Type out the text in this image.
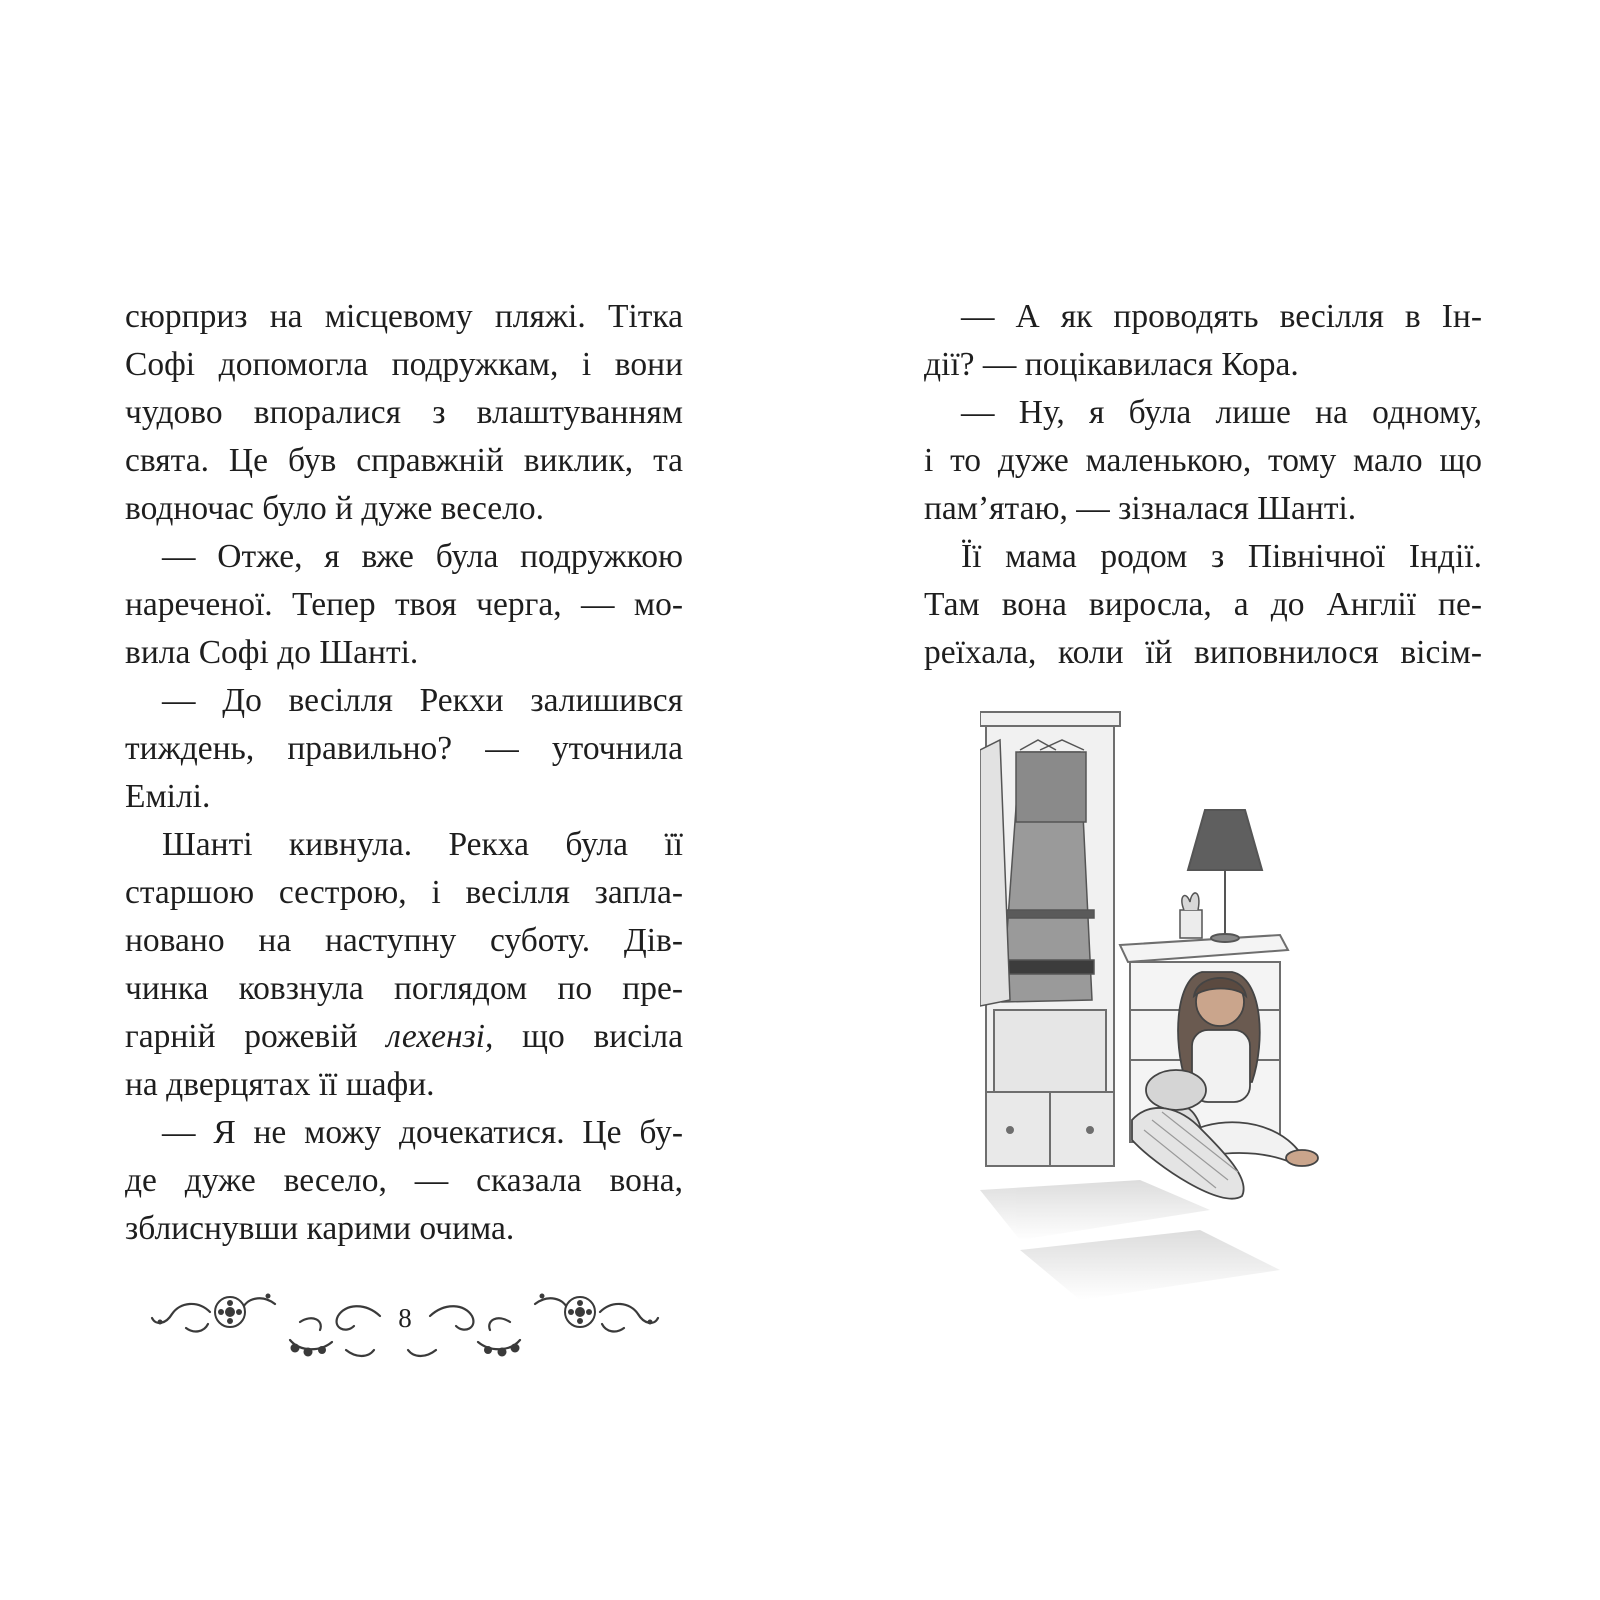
сюрприз на місцевому пляжі. Тітка
Софі допомогла подружкам, і вони
чудово впоралися з влаштуванням
свята. Це був справжній виклик, та
водночас було й дуже весело.
— Отже, я вже була подружкою
нареченої. Тепер твоя черга, — мо-
вила Софі до Шанті.
— До весілля Рекхи залишився
тиждень, правильно? — уточнила
Емілі.
Шанті кивнула. Рекха була її
старшою сестрою, і весілля запла-
новано на наступну суботу. Дів-
чинка ковзнула поглядом по пре-
гарній рожевій лехензі, що висіла
на дверцятах її шафи.
— Я не можу дочекатися. Це бу-
де дуже весело, — сказала вона,
зблиснувши карими очима.
— А як проводять весілля в Ін-
дії? — поцікавилася Кора.
— Ну, я була лише на одному,
і то дуже маленькою, тому мало що
пам’ятаю, — зізналася Шанті.
Її мама родом з Північної Індії.
Там вона виросла, а до Англії пе-
реїхала, коли їй виповнилося вісім-
8
